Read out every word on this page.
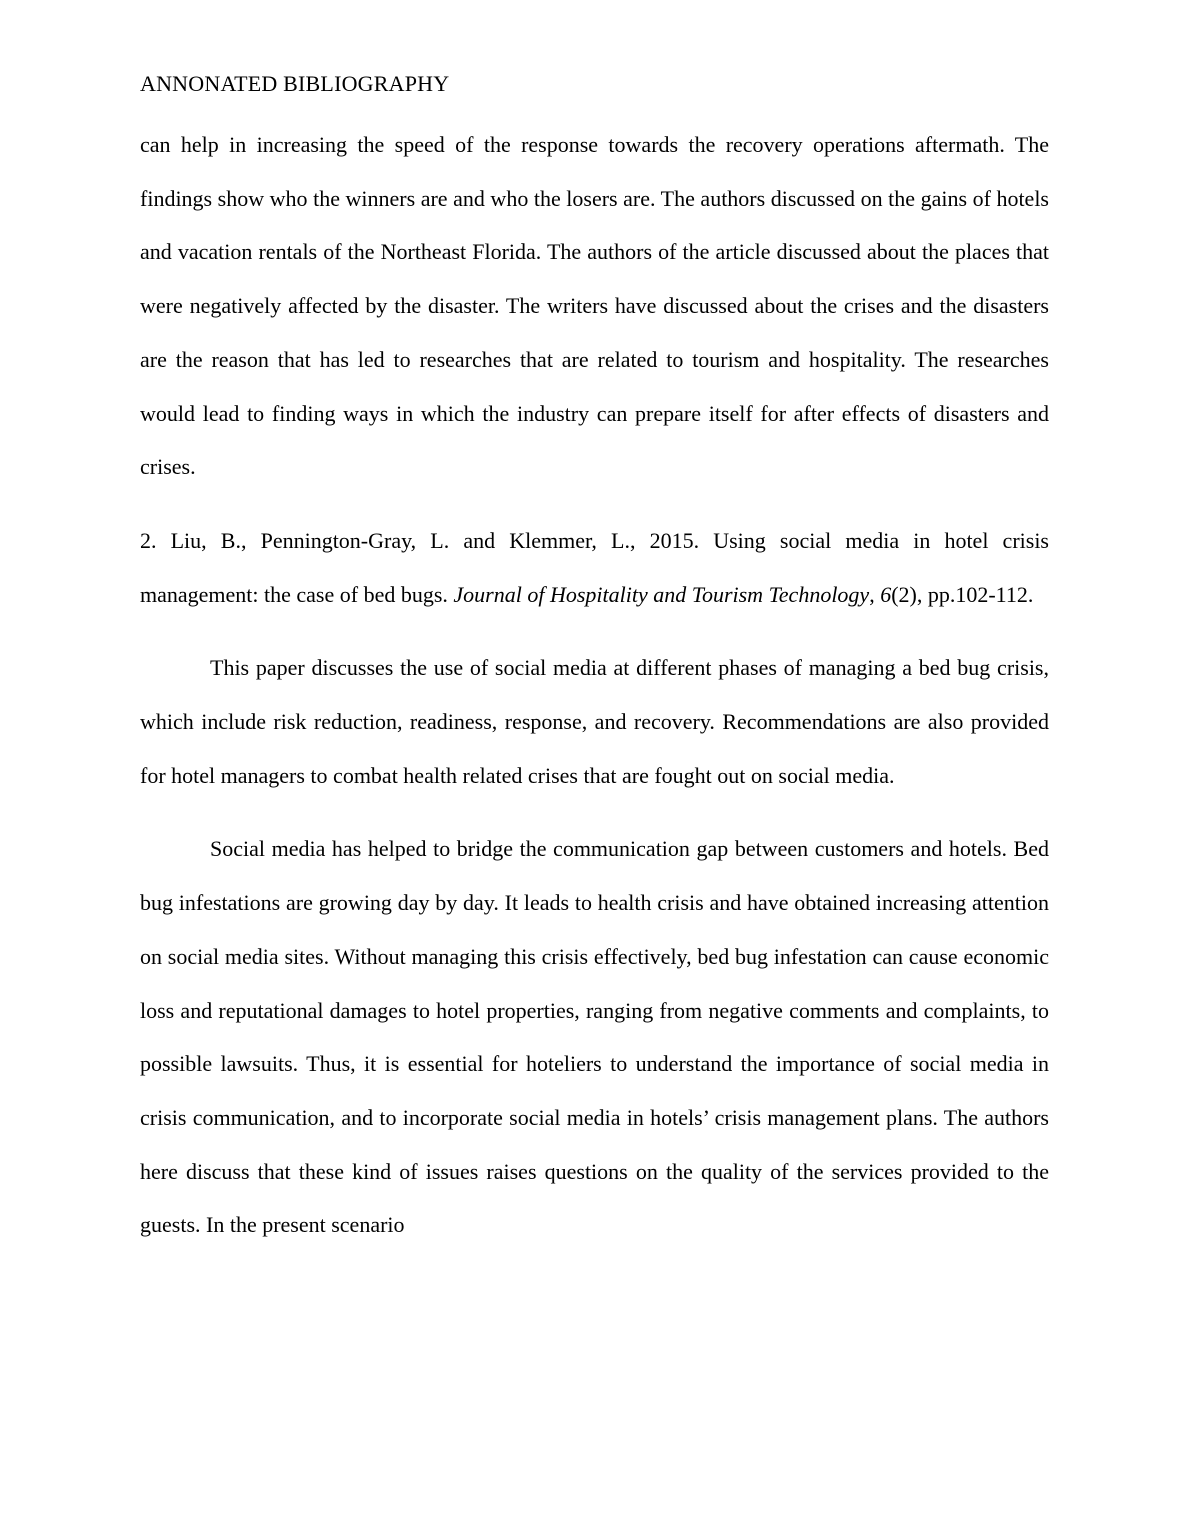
ANNONATED BIBLIOGRAPHY

can help in increasing the speed of the response towards the recovery operations aftermath. The findings show who the winners are and who the losers are. The authors discussed on the gains of hotels and vacation rentals of the Northeast Florida. The authors of the article discussed about the places that were negatively affected by the disaster. The writers have discussed about the crises and the disasters are the reason that has led to researches that are related to tourism and hospitality. The researches would lead to finding ways in which the industry can prepare itself for after effects of disasters and crises.

2. Liu, B., Pennington-Gray, L. and Klemmer, L., 2015. Using social media in hotel crisis management: the case of bed bugs. Journal of Hospitality and Tourism Technology, 6(2), pp.102-112.

This paper discusses the use of social media at different phases of managing a bed bug crisis, which include risk reduction, readiness, response, and recovery. Recommendations are also provided for hotel managers to combat health related crises that are fought out on social media.

Social media has helped to bridge the communication gap between customers and hotels. Bed bug infestations are growing day by day. It leads to health crisis and have obtained increasing attention on social media sites. Without managing this crisis effectively, bed bug infestation can cause economic loss and reputational damages to hotel properties, ranging from negative comments and complaints, to possible lawsuits. Thus, it is essential for hoteliers to understand the importance of social media in crisis communication, and to incorporate social media in hotels’ crisis management plans. The authors here discuss that these kind of issues raises questions on the quality of the services provided to the guests. In the present scenario
